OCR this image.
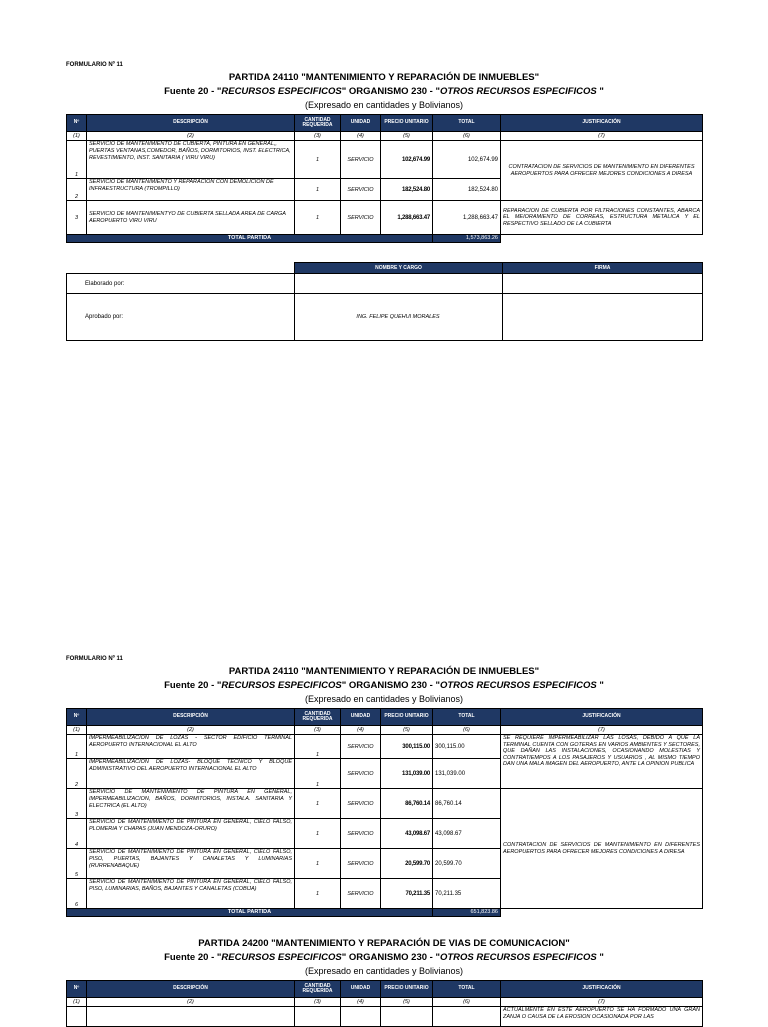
FORMULARIO Nº 11
PARTIDA 24110 "MANTENIMIENTO Y REPARACIÓN DE INMUEBLES"
Fuente 20 - "RECURSOS ESPECIFICOS" ORGANISMO 230 - "OTROS RECURSOS ESPECIFICOS "
(Expresado en cantidades y Bolivianos)
Nº	DESCRIPCIÓN	CANTIDAD REQUERIDA	UNIDAD	PRECIO UNITARIO	TOTAL	JUSTIFICACIÓN
(1)	(2)	(3)	(4)	(5)	(6)	(7)
1	SERVICIO DE MANTENIMIENTO DE CUBIERTA, PINTURA EN GENERAL,, PUERTAS VENTANAS,COMEDOR, BAÑOS, DORMITORIOS, INST. ELECTRICA, REVESTIMIENTO, INST. SANITARIA ( VIRU VIRU)	1	SERVICIO	102,674.99	102,674.99	CONTRATACION DE SERVICIOS DE MANTENIMIENTO EN DIFERENTES AEROPUERTOS PARA OFRECER MEJORES CONDICIONES A DIRESA
2	SERVICIO DE MANTENIMIENTO Y REPARACION CON DEMOLICION DE INFRAESTRUCTURA (TROMPILLO)	1	SERVICIO	182,524.80	182,524.80	
3	SERVICIO DE MANTENIMIENTYO DE CUBIERTA SELLADA AREA DE CARGA AEROPUERTO VIRU VIRU	1	SERVICIO	1,288,663.47	1,288,663.47	REPARACION DE CUBIERTA POR FILTRACIONES CONSTANTES, ABARCA EL MEIORAMIENTO DE CORREAS, ESTRUCTURA METALICA Y EL RESPECTIVO SELLADO DE LA CUBIERTA
TOTAL PARTIDA					1,573,863.26	
	NOMBRE Y CARGO	FIRMA
Elaborado por:		
Aprobado por:	ING. FELIPE QUEHUI MORALES	
FORMULARIO Nº 11
PARTIDA 24110 "MANTENIMIENTO Y REPARACIÓN DE INMUEBLES"
Fuente 20 - "RECURSOS ESPECIFICOS" ORGANISMO 230 - "OTROS RECURSOS ESPECIFICOS "
(Expresado en cantidades y Bolivianos)
Nº	DESCRIPCIÓN	CANTIDAD REQUERIDA	UNIDAD	PRECIO UNITARIO	TOTAL	JUSTIFICACIÓN
(1)	(2)	(3)	(4)	(5)	(6)	(7)
1	IMPERMEABILIZACION DE LOZAS - SECTOR EDIFICIO TERMINAL AEROPUERTO INTERNACIONAL EL ALTO	1	SERVICIO	300,115.00	300,115.00	SE REQUIERE IMPERMEABILIZAR LAS LOSAS, DEBIDO A QUE LA TERMINAL CUENTA CON GOTERAS EN VARIOS AMBIENTES Y SECTORES, QUE DAÑAN LAS INSTALACIONES, OCASIONANDO MOLESTIAS Y CONTRATIEMPOS A LOS PASAJEROS Y USUARIOS , AL MISMO TIEMPO DAN UNA MALA IMAGEN DEL AEROPUERTO, ANTE LA OPINION PUBLICA
2	IMPERMEABILIZACION DE LOZAS- BLOQUE TECNICO Y BLOQUE ADMINISTRATIVO DEL AEROPUERTO INTERNACIONAL EL ALTO	1	SERVICIO	131,039.00	131,039.00	
3	SERVICIO DE MANTENIMIENTO DE PINTURA EN GENERAL, IMPERMEABILIZACION, BAÑOS, DORMITORIOS, INSTALA. SANITARIA Y ELECTRICA (EL ALTO)	1	SERVICIO	86,760.14	86,760.14	CONTRATACION DE SERVICIOS DE MANTENIMIENTO EN DIFERENTES AEROPUERTOS PARA OFRECER MEJORES CONDICIONES A DIRESA
4	SERVICIO DE MANTENIMIENTO DE PINTURA EN GENERAL, CIELO FALSO, PLOMERIA Y CHAPAS (JUAN MENDOZA-ORURO)	1	SERVICIO	43,098.67	43,098.67	
5	SERVICIO DE MANTENIMIENTO DE PINTURA EN GENERAL, CIELO FALSO, PISO, PUERTAS, BAJANTES Y CANALETAS Y LUMINARIAS (RURRENABAQUE)	1	SERVICIO	20,599.70	20,599.70	
6	SERVICIO DE MANTENIMIENTO DE PINTURA EN GENERAL, CIELO FALSO, PISO, LUMINARIAS, BAÑOS, BAJANTES Y CANALETAS (COBIJA)	1	SERVICIO	70,211.35	70,211.35	
TOTAL PARTIDA					651,823.86	
PARTIDA 24200 "MANTENIMIENTO Y REPARACIÓN DE VIAS DE COMUNICACION"
Fuente 20 - "RECURSOS ESPECIFICOS" ORGANISMO 230 - "OTROS RECURSOS ESPECIFICOS "
(Expresado en cantidades y Bolivianos)
Nº	DESCRIPCIÓN	CANTIDAD REQUERIDA	UNIDAD	PRECIO UNITARIO	TOTAL	JUSTIFICACIÓN
(1)	(2)	(3)	(4)	(5)	(6)	(7)
						ACTUALMENTE EN ESTE AEROPUERTO SE HA FORMADO UNA GRAN ZANJA O CAUSA DE LA EROSION OCASIONADA POR LAS
